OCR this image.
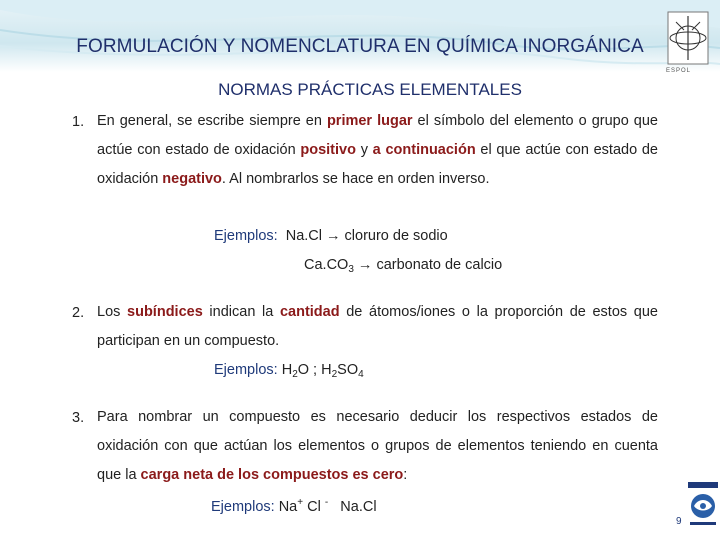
FORMULACIÓN Y NOMENCLATURA EN QUÍMICA INORGÁNICA
ESPOL
NORMAS PRÁCTICAS ELEMENTALES
1. En general, se escribe siempre en primer lugar el símbolo del elemento o grupo que actúe con estado de oxidación positivo y a continuación el que actúe con estado de oxidación negativo. Al nombrarlos se hace en orden inverso.
Ejemplos: Na.Cl → cloruro de sodio
$Ca.CO_3$ → carbonato de calcio
2. Los subíndices indican la cantidad de átomos/iones o la proporción de estos que participan en un compuesto.
Ejemplos: $H_2O$ ; $H_2SO_4$
3. Para nombrar un compuesto es necesario deducir los respectivos estados de oxidación con que actúan los elementos o grupos de elementos teniendo en cuenta que la carga neta de los compuestos es cero:
Ejemplos: Na+ Cl - Na.Cl
9
